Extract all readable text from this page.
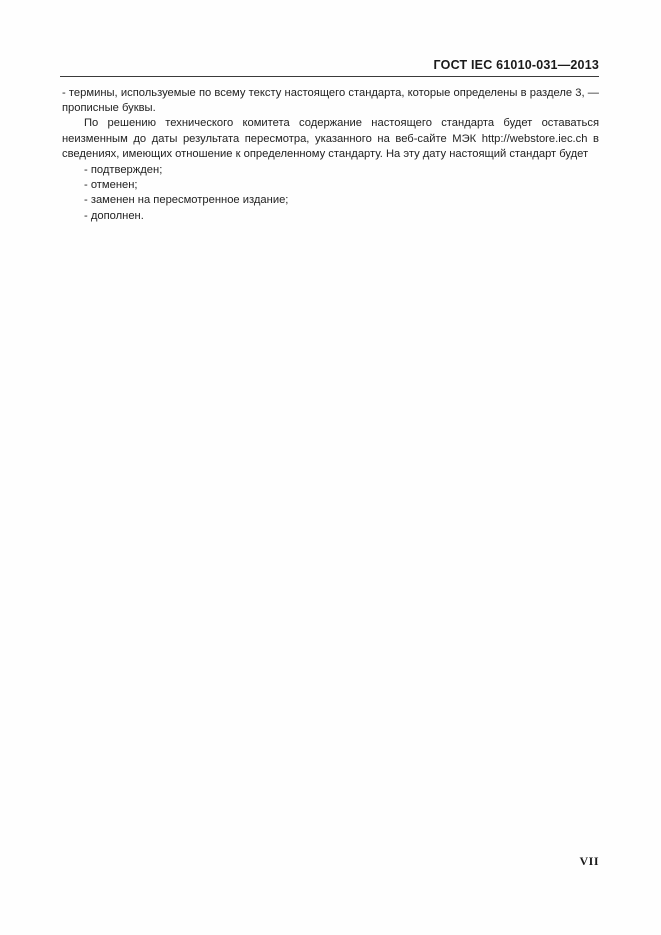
ГОСТ IEC 61010-031—2013

- термины, используемые по всему тексту настоящего стандарта, которые определены в разделе 3, — прописные буквы.

По решению технического комитета содержание настоящего стандарта будет оставаться неизменным до даты результата пересмотра, указанного на веб-сайте МЭК http://webstore.iec.ch в сведениях, имеющих отношение к определенному стандарту. На эту дату настоящий стандарт будет

- подтвержден;

- отменен;

- заменен на пересмотренное издание;

- дополнен.

VII
